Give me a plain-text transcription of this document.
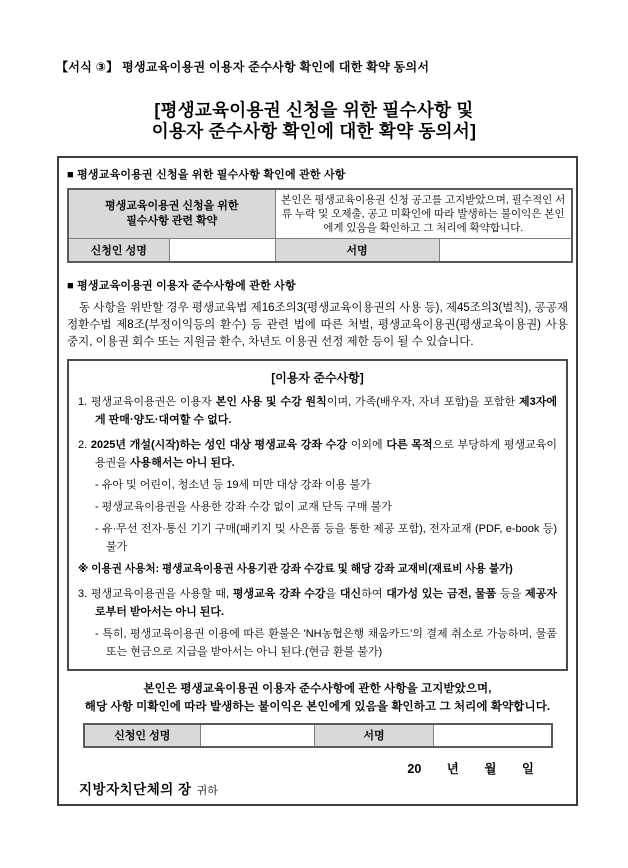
【서식 ③】 평생교육이용권 이용자 준수사항 확인에 대한 확약 동의서
[평생교육이용권 신청을 위한 필수사항 및
이용자 준수사항 확인에 대한 확약 동의서]
■ 평생교육이용권 신청을 위한 필수사항 확인에 관한 사항
평생교육이용권 신청을 위한
필수사항 관련 확약		본인은 평생교육이용권 신청 공고를 고지받았으며, 필수적인 서류 누락 및 오제출, 공고 미확인에 따라 발생하는 불이익은 본인에게 있음을 확인하고 그 처리에 확약합니다.	
신청인 성명		서명	
■ 평생교육이용권 이용자 준수사항에 관한 사항
동 사항을 위반할 경우 평생교육법 제16조의3(평생교육이용권의 사용 등), 제45조의3(벌칙), 공공재정환수법 제8조(부정이익등의 환수) 등 관련 법에 따른 처벌, 평생교육이용권(평생교육이용권) 사용 중지, 이용권 회수 또는 지원금 환수, 차년도 이용권 선정 제한 등이 될 수 있습니다.
[이용자 준수사항]
1. 평생교육이용권은 이용자 본인 사용 및 수강 원칙이며, 가족(배우자, 자녀 포함)을 포함한 제3자에게 판매·양도·대여할 수 없다.
2. 2025년 개설(시작)하는 성인 대상 평생교육 강좌 수강 이외에 다른 목적으로 부당하게 평생교육이용권을 사용해서는 아니 된다.
- 유아 및 어린이, 청소년 등 19세 미만 대상 강좌 이용 불가
- 평생교육이용권을 사용한 강좌 수강 없이 교재 단독 구매 불가
- 유·무선 전자·통신 기기 구매(패키지 및 사은품 등을 통한 제공 포함), 전자교재 (PDF, e-book 등) 불가
※ 이용권 사용처: 평생교육이용권 사용기관 강좌 수강료 및 해당 강좌 교재비(재료비 사용 불가)
3. 평생교육이용권을 사용할 때, 평생교육 강좌 수강을 대신하여 대가성 있는 금전, 물품 등을 제공자로부터 받아서는 아니 된다.
- 특히, 평생교육이용권 이용에 따른 환불은 'NH농협은행 채움카드'의 결제 취소로 가능하며, 물품 또는 현금으로 지급을 받아서는 아니 된다.(현금 환불 불가)
본인은 평생교육이용권 이용자 준수사항에 관한 사항을 고지받았으며,
해당 사항 미확인에 따라 발생하는 불이익은 본인에게 있음을 확인하고 그 처리에 확약합니다.
신청인 성명		서명	
20 년 월 일
지방자치단체의 장 귀하
